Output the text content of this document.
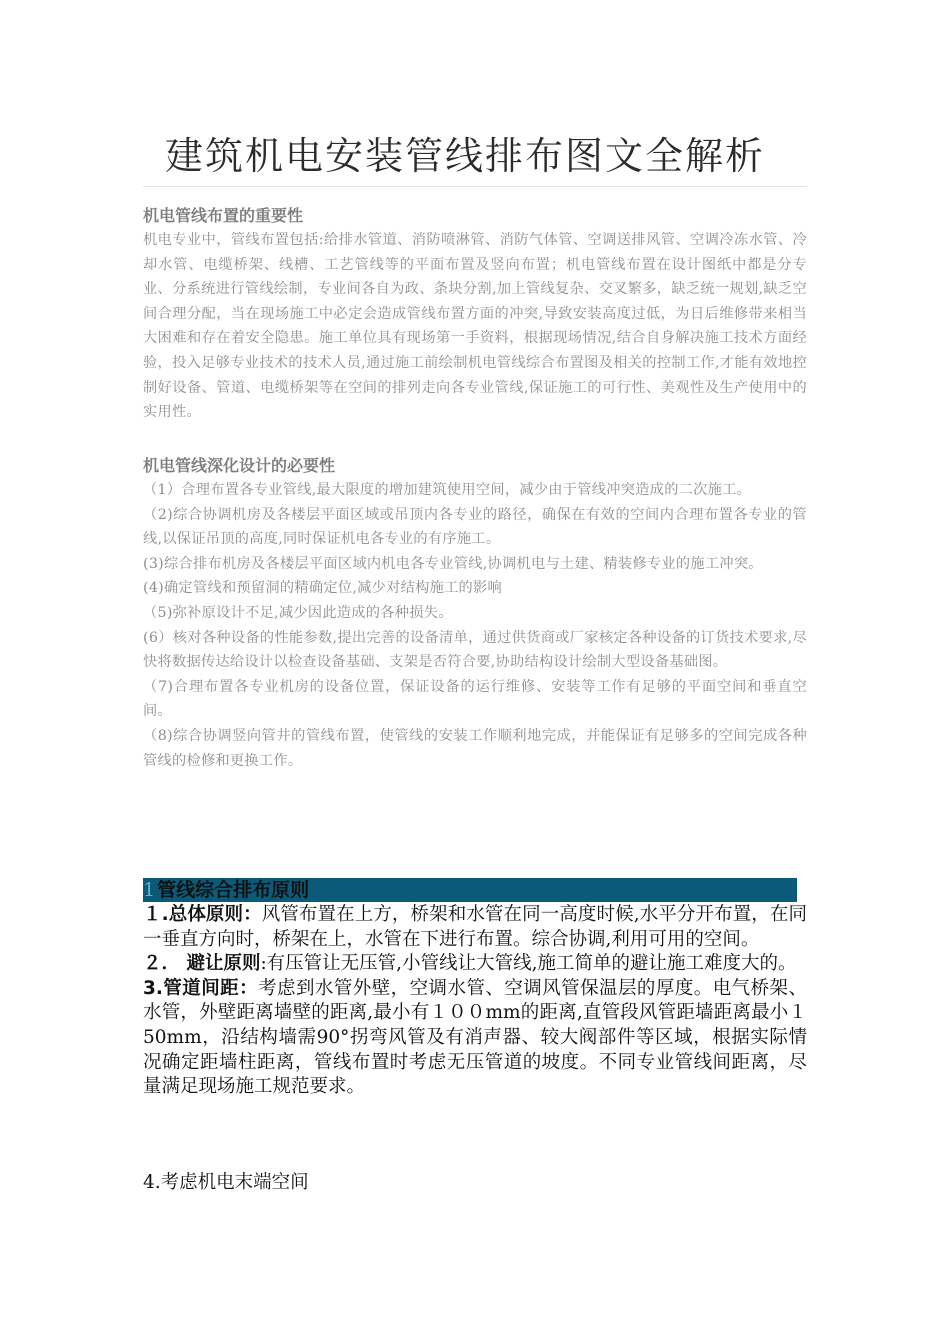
建筑机电安装管线排布图文全解析

机电管线布置的重要性

机电专业中，管线布置包括:给排水管道、消防喷淋管、消防气体管、空调送排风管、空调冷冻水管、冷却水管、电缆桥架、线槽、工艺管线等的平面布置及竖向布置；机电管线布置在设计图纸中都是分专业、分系统进行管线绘制，专业间各自为政、条块分割,加上管线复杂、交叉繁多，缺乏统一规划,缺乏空间合理分配，当在现场施工中必定会造成管线布置方面的冲突,导致安装高度过低，为日后维修带来相当大困难和存在着安全隐患。施工单位具有现场第一手资料，根据现场情况,结合自身解决施工技术方面经验，投入足够专业技术的技术人员,通过施工前绘制机电管线综合布置图及相关的控制工作,才能有效地控制好设备、管道、电缆桥架等在空间的排列走向各专业管线,保证施工的可行性、美观性及生产使用中的实用性。

机电管线深化设计的必要性

（1）合理布置各专业管线,最大限度的增加建筑使用空间，减少由于管线冲突造成的二次施工。

（2)综合协调机房及各楼层平面区域或吊顶内各专业的路径，确保在有效的空间内合理布置各专业的管线,以保证吊顶的高度,同时保证机电各专业的有序施工。

(3)综合排布机房及各楼层平面区域内机电各专业管线,协调机电与土建、精装修专业的施工冲突。

(4)确定管线和预留洞的精确定位,减少对结构施工的影响

（5)弥补原设计不足,减少因此造成的各种损失。

(6）核对各种设备的性能参数,提出完善的设备清单，通过供货商或厂家核定各种设备的订货技术要求,尽快将数据传达给设计以检查设备基础、支架是否符合要,协助结构设计绘制大型设备基础图。

（7)合理布置各专业机房的设备位置，保证设备的运行维修、安装等工作有足够的平面空间和垂直空间。

（8)综合协调竖向管井的管线布置，使管线的安装工作顺利地完成，并能保证有足够多的空间完成各种管线的检修和更换工作。

1 管线综合排布原则

１.总体原则：风管布置在上方，桥架和水管在同一高度时候,水平分开布置，在同一垂直方向时，桥架在上，水管在下进行布置。综合协调,利用可用的空间。

２． 避让原则:有压管让无压管,小管线让大管线,施工简单的避让施工难度大的。

3.管道间距：考虑到水管外壁，空调水管、空调风管保温层的厚度。电气桥架、水管，外壁距离墙壁的距离,最小有１００mm的距离,直管段风管距墙距离最小１50mm，沿结构墙需90°拐弯风管及有消声器、较大阀部件等区域，根据实际情况确定距墙柱距离，管线布置时考虑无压管道的坡度。不同专业管线间距离，尽量满足现场施工规范要求。

4.考虑机电末端空间
